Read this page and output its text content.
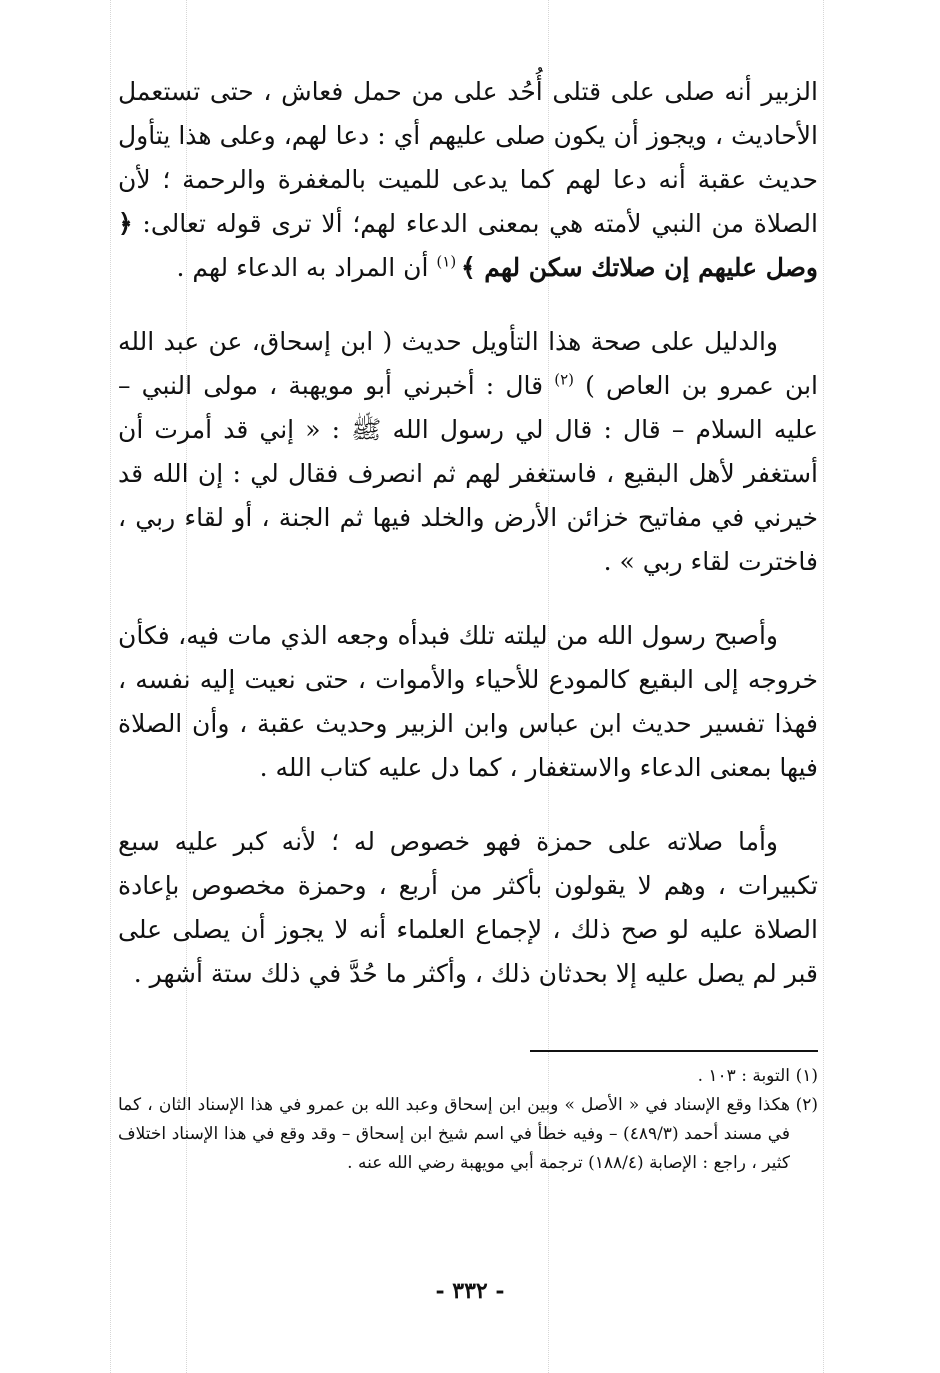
الزبير أنه صلى على قتلى أُحُد على من حمل فعاش ، حتى تستعمل الأحاديث ، ويجوز أن يكون صلى عليهم أي : دعا لهم، وعلى هذا يتأول حديث عقبة أنه دعا لهم كما يدعى للميت بالمغفرة والرحمة ؛ لأن الصلاة من النبي لأمته هي بمعنى الدعاء لهم؛ ألا ترى قوله تعالى: ﴿ وصل عليهم إن صلاتك سكن لهم ﴾ $^{(١)}$ أن المراد به الدعاء لهم .

والدليل على صحة هذا التأويل حديث ( ابن إسحاق، عن عبد الله ابن عمرو بن العاص ) $^{(٢)}$ قال : أخبرني أبو مويهبة ، مولى النبي – عليه السلام – قال : قال لي رسول الله ﷺ : « إني قد أمرت أن أستغفر لأهل البقيع ، فاستغفر لهم ثم انصرف فقال لي : إن الله قد خيرني في مفاتيح خزائن الأرض والخلد فيها ثم الجنة ، أو لقاء ربي ، فاخترت لقاء ربي » .

وأصبح رسول الله من ليلته تلك فبدأه وجعه الذي مات فيه، فكأن خروجه إلى البقيع كالمودع للأحياء والأموات ، حتى نعيت إليه نفسه ، فهذا تفسير حديث ابن عباس وابن الزبير وحديث عقبة ، وأن الصلاة فيها بمعنى الدعاء والاستغفار ، كما دل عليه كتاب الله .

وأما صلاته على حمزة فهو خصوص له ؛ لأنه كبر عليه سبع تكبيرات ، وهم لا يقولون بأكثر من أربع ، وحمزة مخصوص بإعادة الصلاة عليه لو صح ذلك ، لإجماع العلماء أنه لا يجوز أن يصلى على قبر لم يصل عليه إلا بحدثان ذلك ، وأكثر ما حُدَّ في ذلك ستة أشهر .

(١)
التوبة : ١٠٣ .

(٢)
هكذا وقع الإسناد في « الأصل » وبين ابن إسحاق وعبد الله بن عمرو في هذا الإسناد الثان ، كما في مسند أحمد (٤٨٩/٣) – وفيه خطأ في اسم شيخ ابن إسحاق – وقد وقع في هذا الإسناد اختلاف كثير ، راجع : الإصابة (١٨٨/٤) ترجمة أبي مويهبة رضي الله عنه .

- ٣٣٢ -
